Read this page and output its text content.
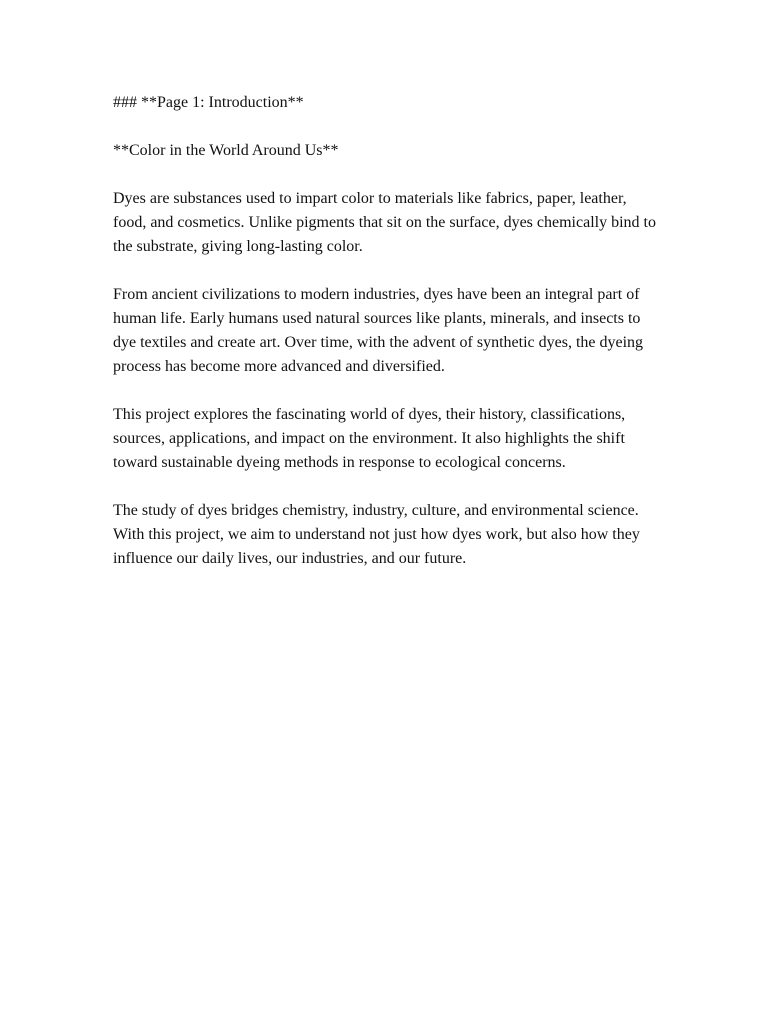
### **Page 1: Introduction**

**Color in the World Around Us**

Dyes are substances used to impart color to materials like fabrics, paper, leather, food, and cosmetics. Unlike pigments that sit on the surface, dyes chemically bind to the substrate, giving long-lasting color.

From ancient civilizations to modern industries, dyes have been an integral part of human life. Early humans used natural sources like plants, minerals, and insects to dye textiles and create art. Over time, with the advent of synthetic dyes, the dyeing process has become more advanced and diversified.

This project explores the fascinating world of dyes, their history, classifications, sources, applications, and impact on the environment. It also highlights the shift toward sustainable dyeing methods in response to ecological concerns.

The study of dyes bridges chemistry, industry, culture, and environmental science. With this project, we aim to understand not just how dyes work, but also how they influence our daily lives, our industries, and our future.
